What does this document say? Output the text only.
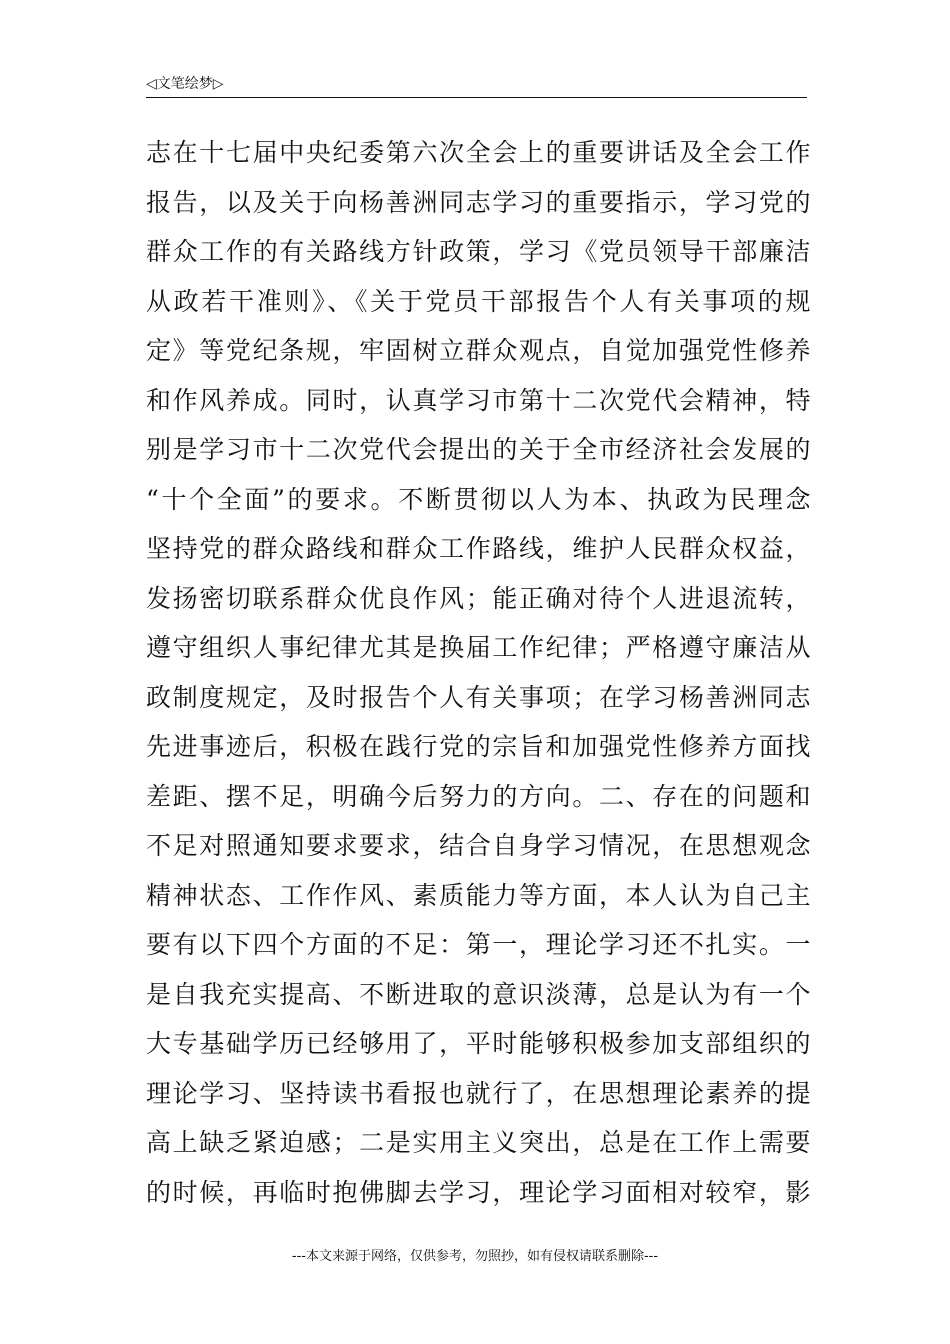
◁文笔绘梦▷
志在十七届中央纪委第六次全会上的重要讲话及全会工作
报告，以及关于向杨善洲同志学习的重要指示，学习党的
群众工作的有关路线方针政策，学习《党员领导干部廉洁
从政若干准则》、《关于党员干部报告个人有关事项的规
定》等党纪条规，牢固树立群众观点，自觉加强党性修养
和作风养成。同时，认真学习市第十二次党代会精神，特
别是学习市十二次党代会提出的关于全市经济社会发展的
“十个全面”的要求。不断贯彻以人为本、执政为民理念
坚持党的群众路线和群众工作路线，维护人民群众权益，
发扬密切联系群众优良作风；能正确对待个人进退流转，
遵守组织人事纪律尤其是换届工作纪律；严格遵守廉洁从
政制度规定，及时报告个人有关事项；在学习杨善洲同志
先进事迹后，积极在践行党的宗旨和加强党性修养方面找
差距、摆不足，明确今后努力的方向。二、存在的问题和
不足对照通知要求要求，结合自身学习情况，在思想观念
精神状态、工作作风、素质能力等方面，本人认为自己主
要有以下四个方面的不足：第一，理论学习还不扎实。一
是自我充实提高、不断进取的意识淡薄，总是认为有一个
大专基础学历已经够用了，平时能够积极参加支部组织的
理论学习、坚持读书看报也就行了，在思想理论素养的提
高上缺乏紧迫感；二是实用主义突出，总是在工作上需要
的时候，再临时抱佛脚去学习，理论学习面相对较窄，影
---本文来源于网络，仅供参考，勿照抄，如有侵权请联系删除---
